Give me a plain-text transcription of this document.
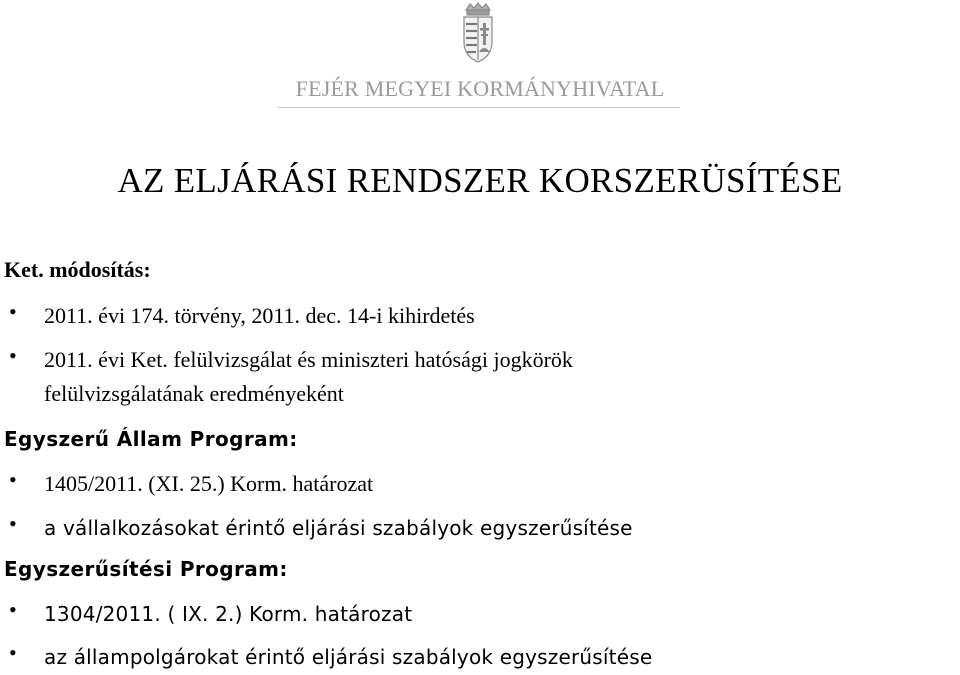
FEJÉR MEGYEI KORMÁNYHIVATAL
AZ ELJÁRÁSI RENDSZER KORSZERÜSÍTÉSE
Ket. módosítás:
• 2011. évi 174. törvény, 2011. dec. 14-i kihirdetés
• 2011. évi Ket. felülvizsgálat és miniszteri hatósági jogkörök
felülvizsgálatának eredményeként
Egyszerű Állam Program:
• 1405/2011. (XI. 25.) Korm. határozat
• a vállalkozásokat érintő eljárási szabályok egyszerűsítése
Egyszerűsítési Program:
• 1304/2011. ( IX. 2.) Korm. határozat
• az állampolgárokat érintő eljárási szabályok egyszerűsítése
